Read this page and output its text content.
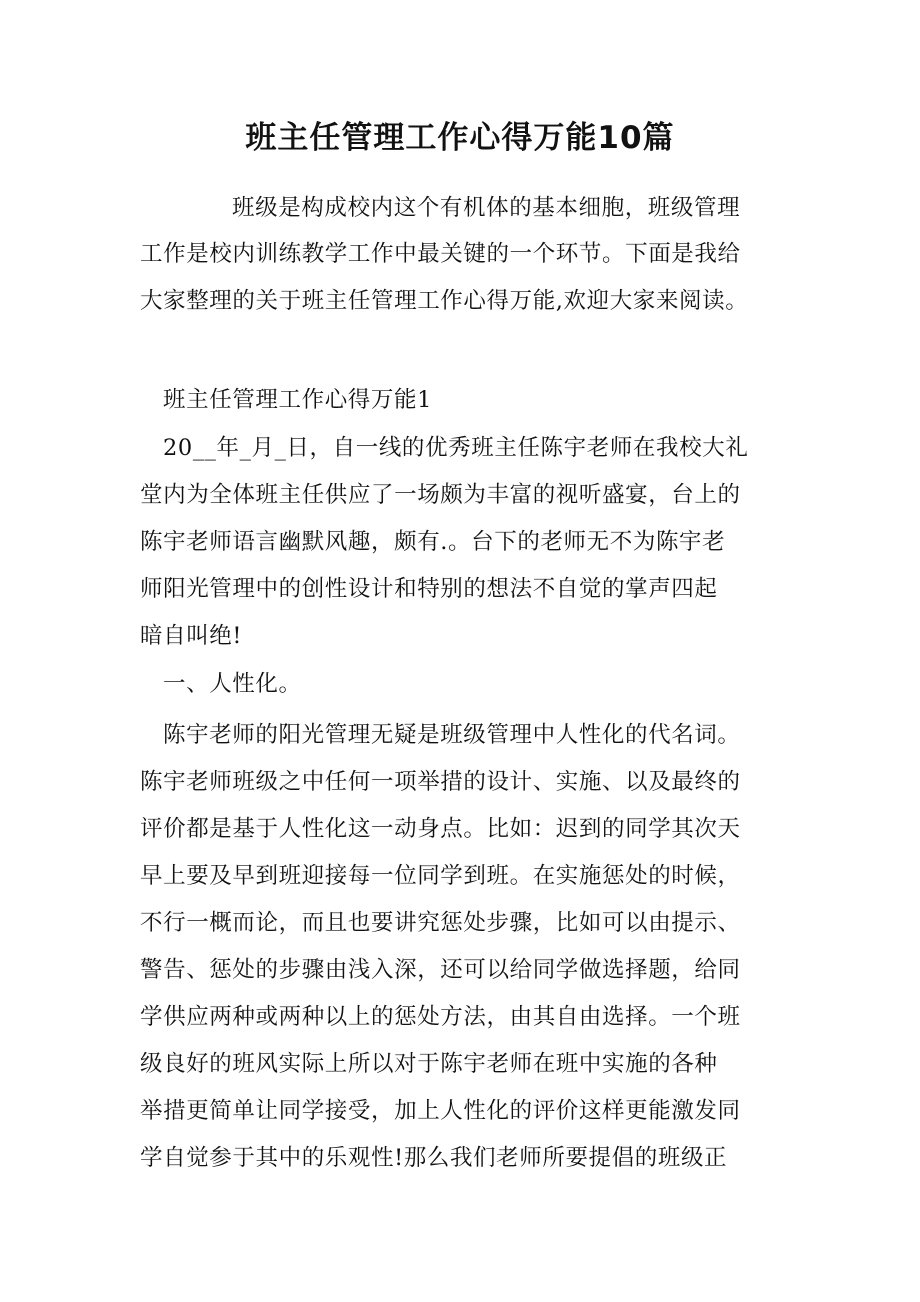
班主任管理工作心得万能10篇

班级是构成校内这个有机体的基本细胞，班级管理

工作是校内训练教学工作中最关键的一个环节。下面是我给

大家整理的关于班主任管理工作心得万能,欢迎大家来阅读。

班主任管理工作心得万能1

20__年_月_日，自一线的优秀班主任陈宇老师在我校大礼

堂内为全体班主任供应了一场颇为丰富的视听盛宴，台上的

陈宇老师语言幽默风趣，颇有.。台下的老师无不为陈宇老

师阳光管理中的创性设计和特别的想法不自觉的掌声四起

暗自叫绝!

一、人性化。

陈宇老师的阳光管理无疑是班级管理中人性化的代名词。

陈宇老师班级之中任何一项举措的设计、实施、以及最终的

评价都是基于人性化这一动身点。比如：迟到的同学其次天

早上要及早到班迎接每一位同学到班。在实施惩处的时候，

不行一概而论，而且也要讲究惩处步骤，比如可以由提示、

警告、惩处的步骤由浅入深，还可以给同学做选择题，给同

学供应两种或两种以上的惩处方法，由其自由选择。一个班

级良好的班风实际上所以对于陈宇老师在班中实施的各种

举措更简单让同学接受，加上人性化的评价这样更能激发同

学自觉参于其中的乐观性!那么我们老师所要提倡的班级正
